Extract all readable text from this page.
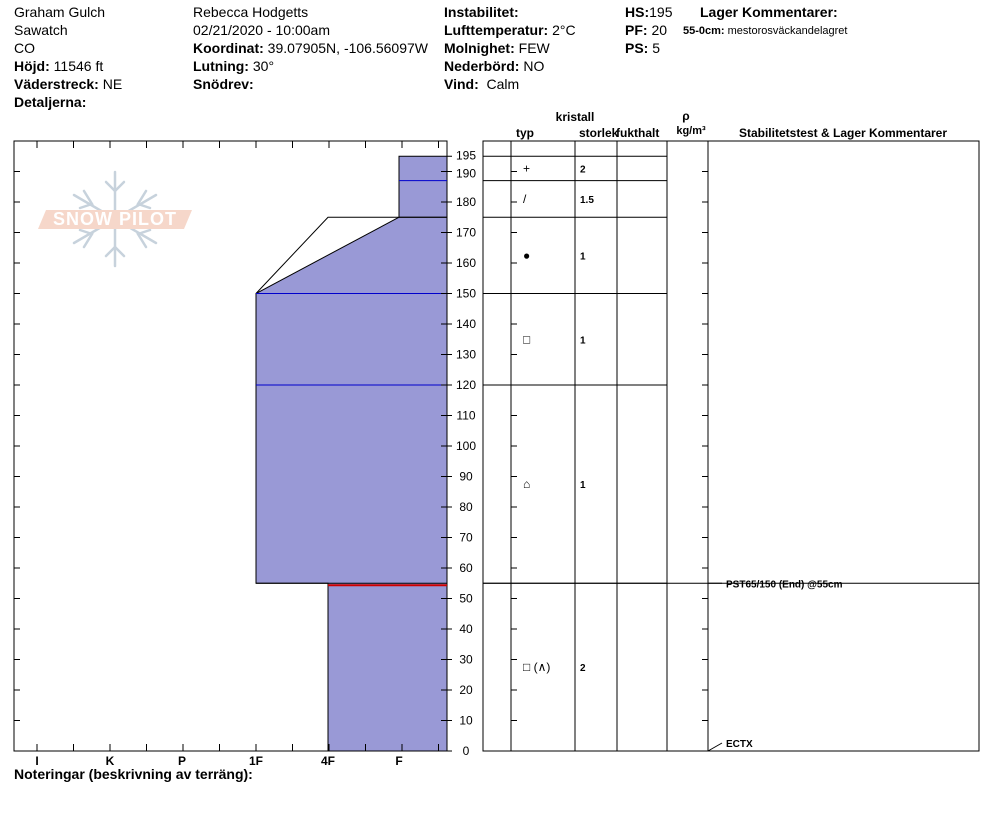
Graham Gulch
Sawatch
CO
Höjd: 11546 ft
Väderstreck: NE
Detaljerna:
Rebecca Hodgetts
02/21/2020 - 10:00am
Koordinat: 39.07905N, -106.56097W
Lutning: 30°
Snödrev:
Instabilitet:
Lufttemperatur: 2°C
Molnighet: FEW
Nederbörd: NO
Vind: Calm
HS:195
PF: 20
PS: 5
Lager Kommentarer:
55-0cm: mestorosväckandelagret
SNOW PILOT
I	K	P	1F	4F	F
0
10
20
30
40
50
60
70
80
90
100
110
120
130
140
150
160
170
180
190
195
+	2
/	1.5
●	1
□	1
⌂	1
□ (∧)	2
PST65/150 (End) @55cm
ECTX
kristall
typ	storlek
fukthalt
ρ
kg/m³	Stabilitetstest & Lager Kommentarer
Noteringar (beskrivning av terräng):
